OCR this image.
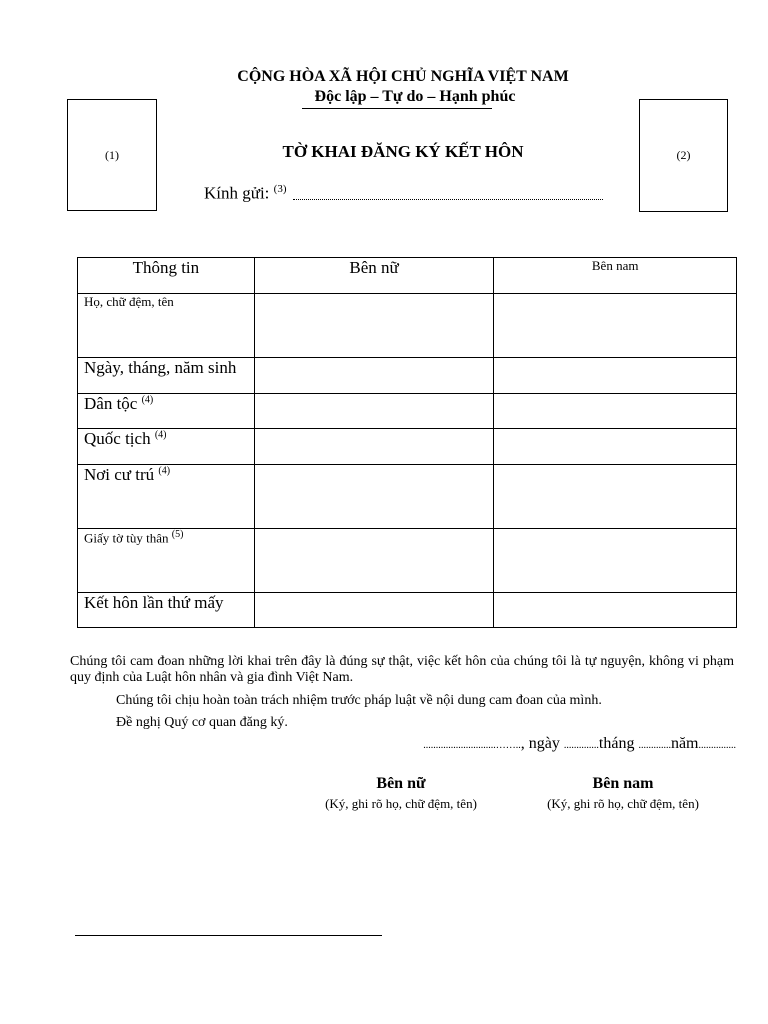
(1)	(2)
CỘNG HÒA XÃ HỘI CHỦ NGHĨA VIỆT NAM
Độc lập – Tự do – Hạnh phúc
TỜ KHAI ĐĂNG KÝ KẾT HÔN
Kính gửi: $^{(3)}$
Thông tin	Bên nữ	Bên nam
Họ, chữ đệm, tên		
Ngày, tháng, năm sinh		
Dân tộc $^{(4)}$		
Quốc tịch $^{(4)}$		
Nơi cư trú $^{(4)}$		
Giấy tờ tùy thân $^{(5)}$		
Kết hôn lần thứ mấy		
Chúng tôi cam đoan những lời khai trên đây là đúng sự thật, việc kết hôn của chúng tôi là tự nguyện, không vi phạm quy định của Luật hôn nhân và gia đình Việt Nam.
Chúng tôi chịu hoàn toàn trách nhiệm trước pháp luật về nội dung cam đoan của mình.
Đề nghị Quý cơ quan đăng ký.
.............................…….., ngày ..............tháng .............năm...............
Bên nữ
(Ký, ghi rõ họ, chữ đệm, tên)
Bên nam
(Ký, ghi rõ họ, chữ đệm, tên)
